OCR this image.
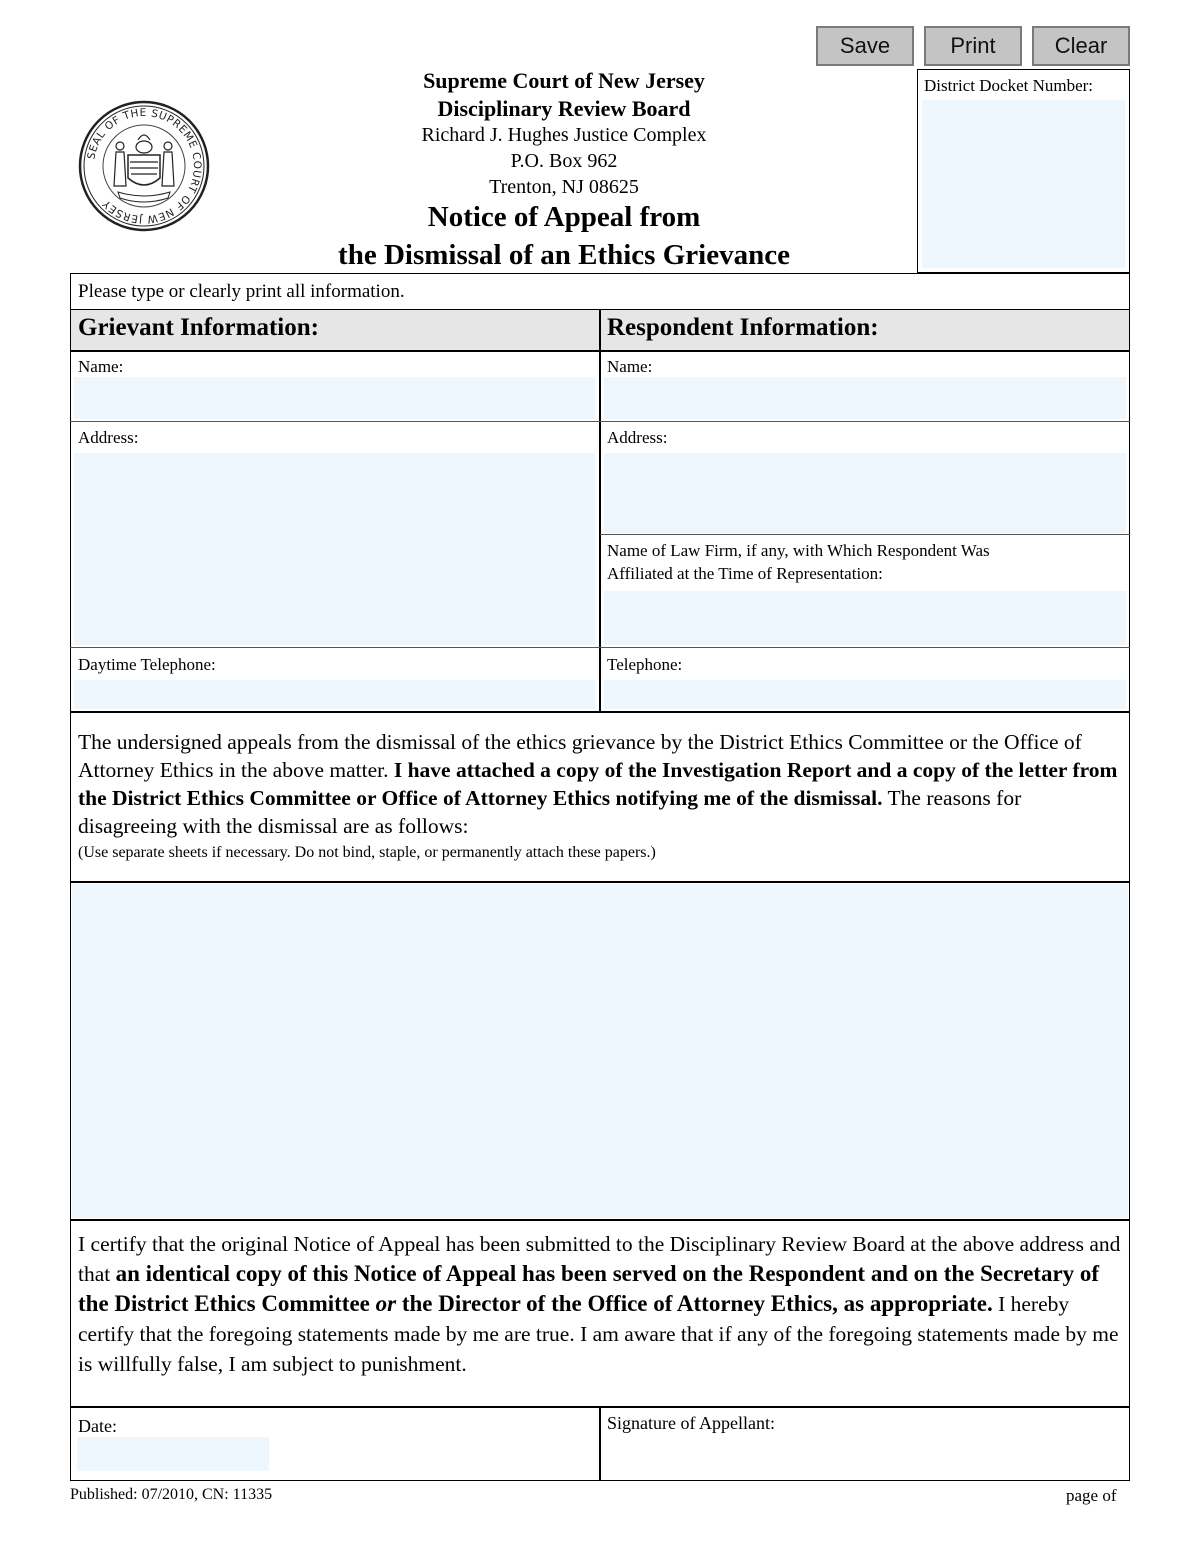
Save	Print	Clear
SEAL OF THE SUPREME COURT OF NEW JERSEY
Supreme Court of New Jersey
Disciplinary Review Board
Richard J. Hughes Justice Complex
P.O. Box 962
Trenton, NJ 08625
Notice of Appeal from
the Dismissal of an Ethics Grievance
District Docket Number:
Please type or clearly print all information.
Grievant Information:	Respondent Information:
Name:	Name:
Address:	Address:
Name of Law Firm, if any, with Which Respondent Was
Affiliated at the Time of Representation:
Daytime Telephone:	Telephone:
The undersigned appeals from the dismissal of the ethics grievance by the District Ethics Committee or the Office of Attorney Ethics in the above matter. I have attached a copy of the Investigation Report and a copy of the letter from the District Ethics Committee or Office of Attorney Ethics notifying me of the dismissal. The reasons for disagreeing with the dismissal are as follows:
(Use separate sheets if necessary. Do not bind, staple, or permanently attach these papers.)
I certify that the original Notice of Appeal has been submitted to the Disciplinary Review Board at the above address and that an identical copy of this Notice of Appeal has been served on the Respondent and on the Secretary of the District Ethics Committee or the Director of the Office of Attorney Ethics, as appropriate. I hereby certify that the foregoing statements made by me are true. I am aware that if any of the foregoing statements made by me is willfully false, I am subject to punishment.
Date:	Signature of Appellant:
Published: 07/2010, CN: 11335	page of
